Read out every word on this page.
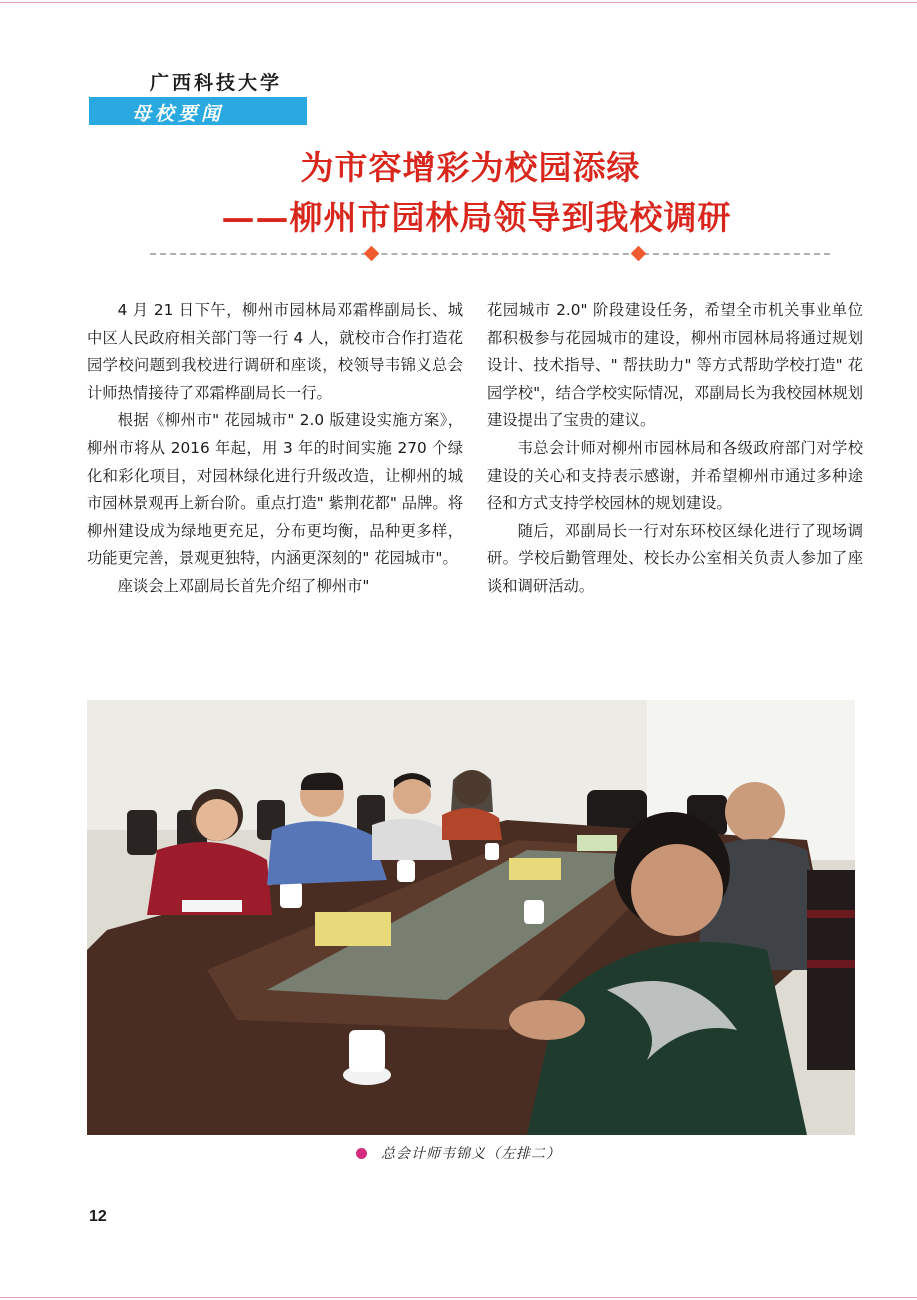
广西科技大学
母校要闻
为市容增彩为校园添绿
——柳州市园林局领导到我校调研

4 月 21 日下午，柳州市园林局邓霜桦副局长、城中区人民政府相关部门等一行 4 人，就校市合作打造花园学校问题到我校进行调研和座谈，校领导韦锦义总会计师热情接待了邓霜桦副局长一行。

根据《柳州市" 花园城市" 2.0 版建设实施方案》，柳州市将从 2016 年起，用 3 年的时间实施 270 个绿化和彩化项目，对园林绿化进行升级改造，让柳州的城市园林景观再上新台阶。重点打造" 紫荆花都" 品牌。将柳州建设成为绿地更充足，分布更均衡，品种更多样，功能更完善，景观更独特，内涵更深刻的" 花园城市"。

座谈会上邓副局长首先介绍了柳州市"

花园城市 2.0" 阶段建设任务，希望全市机关事业单位都积极参与花园城市的建设，柳州市园林局将通过规划设计、技术指导、" 帮扶助力" 等方式帮助学校打造" 花园学校"，结合学校实际情况，邓副局长为我校园林规划建设提出了宝贵的建议。

韦总会计师对柳州市园林局和各级政府部门对学校建设的关心和支持表示感谢，并希望柳州市通过多种途径和方式支持学校园林的规划建设。

随后，邓副局长一行对东环校区绿化进行了现场调研。学校后勤管理处、校长办公室相关负责人参加了座谈和调研活动。

总会计师韦锦义（左排二）
12
